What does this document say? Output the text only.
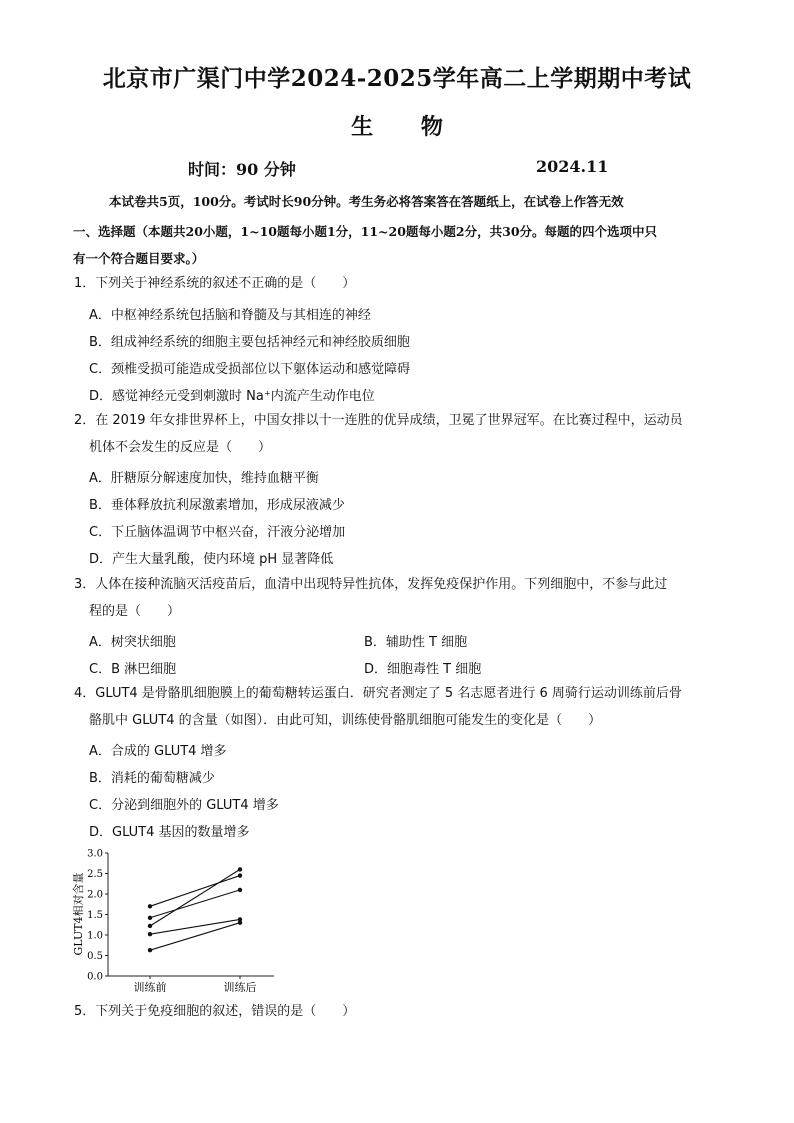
北京市广渠门中学2024-2025学年高二上学期期中考试
生 物
时间：90 分钟	2024.11
本试卷共5页，100分。考试时长90分钟。考生务必将答案答在答题纸上，在试卷上作答无效
一、选择题（本题共20小题，1~10题每小题1分，11~20题每小题2分，共30分。每题的四个选项中只
有一个符合题目要求。）
1．下列关于神经系统的叙述不正确的是（　　）
A．中枢神经系统包括脑和脊髓及与其相连的神经
B．组成神经系统的细胞主要包括神经元和神经胶质细胞
C．颈椎受损可能造成受损部位以下躯体运动和感觉障碍
D．感觉神经元受到刺激时 Na⁺内流产生动作电位
2．在 2019 年女排世界杯上，中国女排以十一连胜的优异成绩，卫冕了世界冠军。在比赛过程中，运动员
机体不会发生的反应是（　　）
A．肝糖原分解速度加快，维持血糖平衡
B．垂体释放抗利尿激素增加，形成尿液减少
C．下丘脑体温调节中枢兴奋，汗液分泌增加
D．产生大量乳酸，使内环境 pH 显著降低
3．人体在接种流脑灭活疫苗后，血清中出现特异性抗体，发挥免疫保护作用。下列细胞中，不参与此过
程的是（　　）
A．树突状细胞	B．辅助性 T 细胞
C．B 淋巴细胞	D．细胞毒性 T 细胞
4．GLUT4 是骨骼肌细胞膜上的葡萄糖转运蛋白．研究者测定了 5 名志愿者进行 6 周骑行运动训练前后骨
骼肌中 GLUT4 的含量（如图）．由此可知，训练使骨骼肌细胞可能发生的变化是（　　）
A．合成的 GLUT4 增多
B．消耗的葡萄糖减少
C．分泌到细胞外的 GLUT4 增多
D．GLUT4 基因的数量增多
0.0
0.5
1.0
1.5
2.0
2.5
3.0
训练前	训练后
GLUT4相对含量
5．下列关于免疫细胞的叙述，错误的是（　　）
